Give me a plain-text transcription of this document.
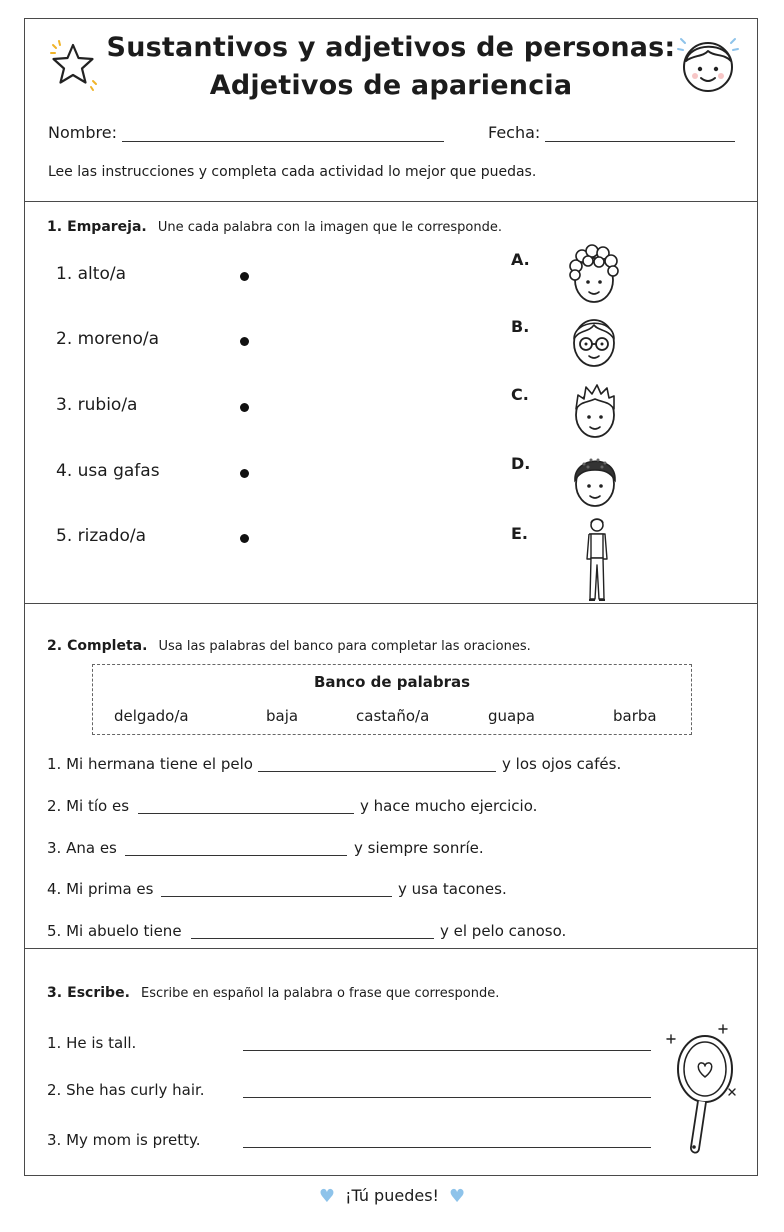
Sustantivos y adjetivos de personas:
Adjetivos de apariencia
Nombre:	Fecha:
Lee las instrucciones y completa cada actividad lo mejor que puedas.
1. Empareja. Une cada palabra con la imagen que le corresponde.
1. alto/a
2. moreno/a
3. rubio/a
4. usa gafas
5. rizado/a
A.
B.
C.
D.
E.
2. Completa. Usa las palabras del banco para completar las oraciones.
Banco de palabras
delgado/a	baja	castaño/a	guapa	barba
1. Mi hermana tiene el pelo	y los ojos cafés.
2. Mi tío es	y hace mucho ejercicio.
3. Ana es	y siempre sonríe.
4. Mi prima es	y usa tacones.
5. Mi abuelo tiene	y el pelo canoso.
3. Escribe. Escribe en español la palabra o frase que corresponde.
1. He is tall.
2. She has curly hair.
3. My mom is pretty.
♥ ¡Tú puedes! ♥
